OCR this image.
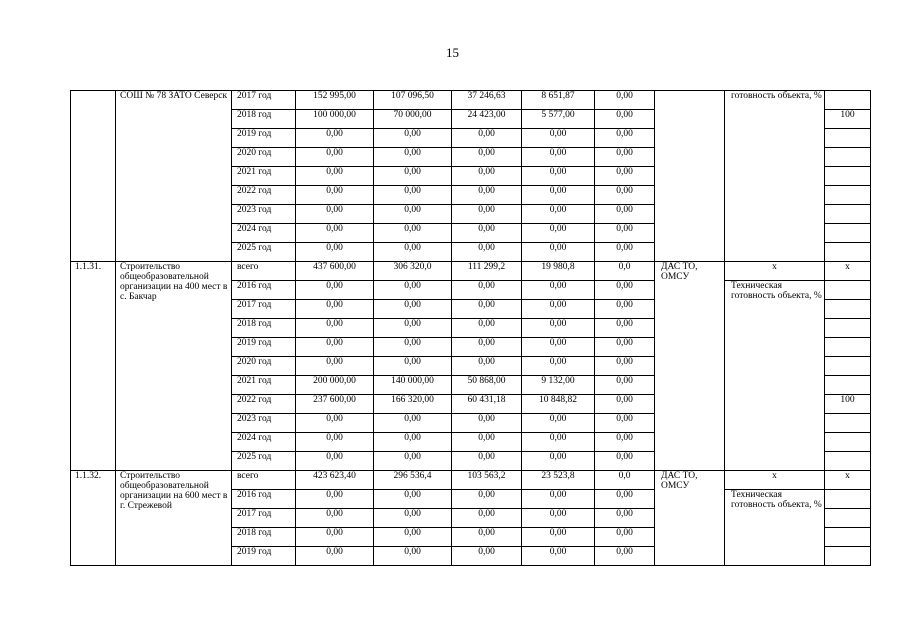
15
	СОШ № 78 ЗАТО Северск	2017 год	152 995,00	107 096,50	37 246,63	8 651,87	0,00		готовность объекта, %	
		2018 год	100 000,00	70 000,00	24 423,00	5 577,00	0,00			100
		2019 год	0,00	0,00	0,00	0,00	0,00			
		2020 год	0,00	0,00	0,00	0,00	0,00			
		2021 год	0,00	0,00	0,00	0,00	0,00			
		2022 год	0,00	0,00	0,00	0,00	0,00			
		2023 год	0,00	0,00	0,00	0,00	0,00			
		2024 год	0,00	0,00	0,00	0,00	0,00			
		2025 год	0,00	0,00	0,00	0,00	0,00			
1.1.31.	Строительство общеобразовательной организации на 400 мест в с. Бакчар	всего	437 600,00	306 320,0	111 299,2	19 980,8	0,0	ДАС ТО, ОМСУ	х	х
		2016 год	0,00	0,00	0,00	0,00	0,00		Техническая готовность объекта, %	
		2017 год	0,00	0,00	0,00	0,00	0,00			
		2018 год	0,00	0,00	0,00	0,00	0,00			
		2019 год	0,00	0,00	0,00	0,00	0,00			
		2020 год	0,00	0,00	0,00	0,00	0,00			
		2021 год	200 000,00	140 000,00	50 868,00	9 132,00	0,00			
		2022 год	237 600,00	166 320,00	60 431,18	10 848,82	0,00			100
		2023 год	0,00	0,00	0,00	0,00	0,00			
		2024 год	0,00	0,00	0,00	0,00	0,00			
		2025 год	0,00	0,00	0,00	0,00	0,00			
1.1.32.	Строительство общеобразовательной организации на 600 мест в г. Стрежевой	всего	423 623,40	296 536,4	103 563,2	23 523,8	0,0	ДАС ТО, ОМСУ	х	х
		2016 год	0,00	0,00	0,00	0,00	0,00		Техническая готовность объекта, %	
		2017 год	0,00	0,00	0,00	0,00	0,00			
		2018 год	0,00	0,00	0,00	0,00	0,00			
		2019 год	0,00	0,00	0,00	0,00	0,00			
